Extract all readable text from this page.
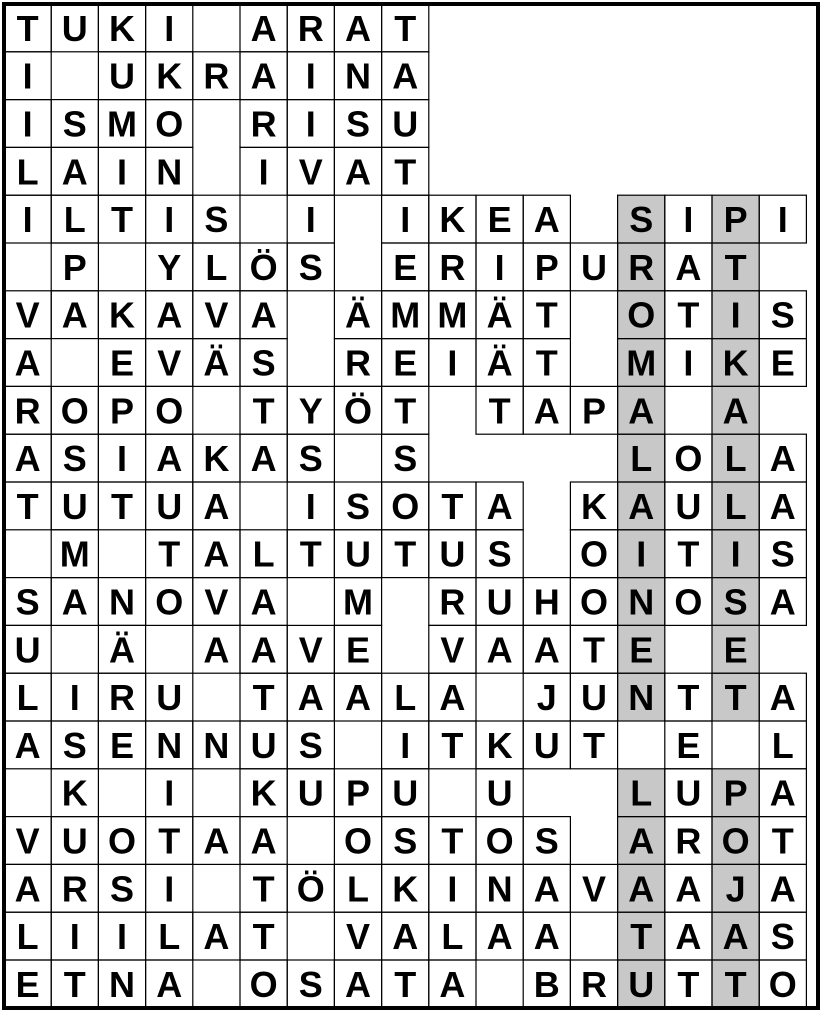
T U K I A R A T
I U K R A I N A
I S M O R I S U
L A I N I V A T
I L T I S I I K E A S I P I
P Y L Ö S E R I P U R A T
V A K A V A Ä M M Ä T O T I S
A E V Ä S R E I Ä T M I K E
R O P O T Y Ö T T A P A A
A S I A K A S S	L O L A
T U T U A I S O T A K A U L A
M T A L T U T U S O I T I S
S A N O V A M R U H O N O S A
U Ä A A V E V A A T E E
L I R U T A A L A J U N T T A
A S E N N U S I T K U T E L
K I K U P U U	L U P A
V U O T A A O S T O S A R O T
A R S I T Ö L K I N A V A A J A
L I I L A T V A L A A T A A S
E T N A O S A T A B R U T T O
